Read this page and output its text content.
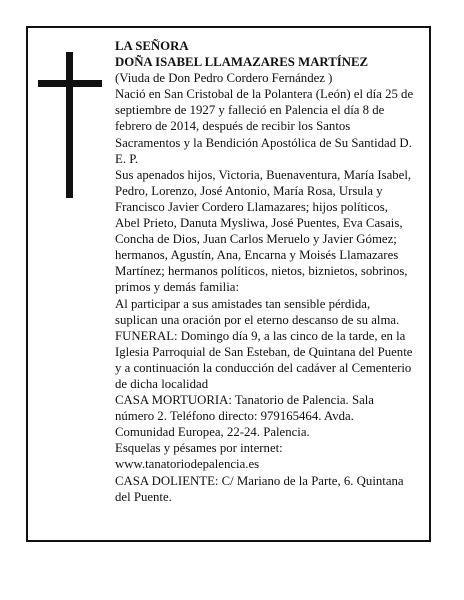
LA SEÑORA

DOÑA ISABEL LLAMAZARES MARTÍNEZ

(Viuda de Don Pedro Cordero Fernández )

Nació en San Cristobal de la Polantera (León) el día 25 de septiembre de 1927 y falleció en Palencia el día 8 de febrero de 2014, después de recibir los Santos Sacramentos y la Bendición Apostólica de Su Santidad D. E. P.

Sus apenados hijos, Victoria, Buenaventura, María Isabel, Pedro, Lorenzo, José Antonio, María Rosa, Ursula y Francisco Javier Cordero Llamazares; hijos políticos, Abel Prieto, Danuta Mysliwa, José Puentes, Eva Casais, Concha de Dios, Juan Carlos Meruelo y Javier Gómez; hermanos, Agustín, Ana, Encarna y Moisés Llamazares Martínez; hermanos políticos, nietos, biznietos, sobrinos, primos y demás familia:

Al participar a sus amistades tan sensible pérdida, suplican una oración por el eterno descanso de su alma.

FUNERAL: Domingo día 9, a las cinco de la tarde, en la Iglesia Parroquial de San Esteban, de Quintana del Puente y a continuación la conducción del cadáver al Cementerio de dicha localidad

CASA MORTUORIA: Tanatorio de Palencia. Sala número 2. Teléfono directo: 979165464. Avda. Comunidad Europea, 22-24. Palencia.

Esquelas y pésames por internet:

www.tanatoriodepalencia.es

CASA DOLIENTE: C/ Mariano de la Parte, 6. Quintana del Puente.
